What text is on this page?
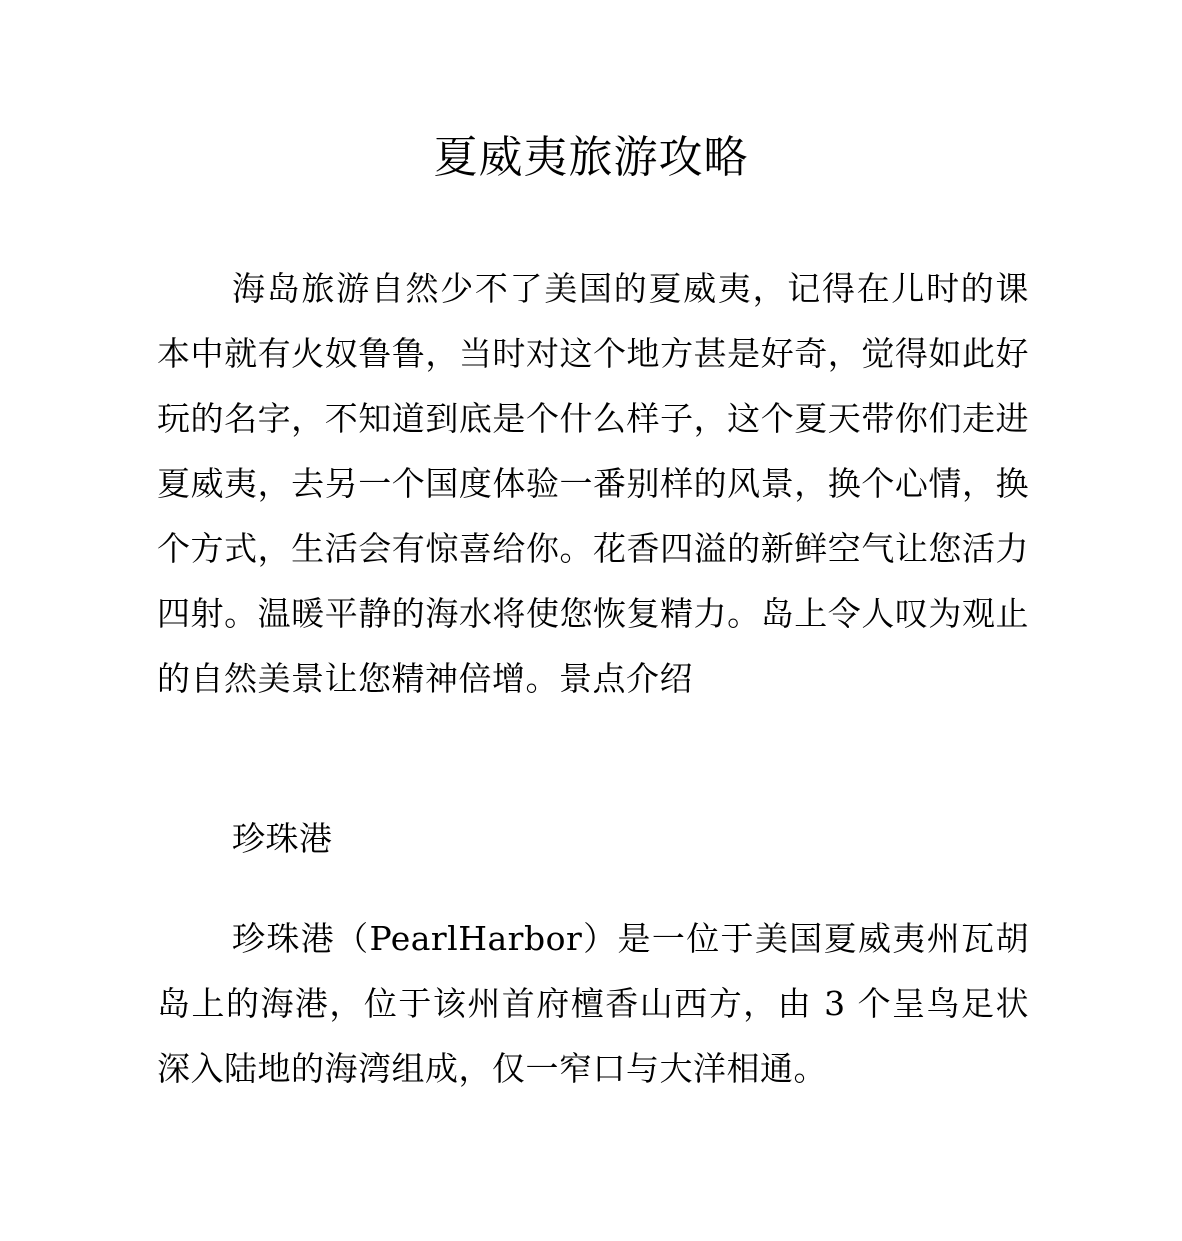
夏威夷旅游攻略

海岛旅游自然少不了美国的夏威夷，记得在儿时的课本中就有火奴鲁鲁，当时对这个地方甚是好奇，觉得如此好玩的名字，不知道到底是个什么样子，这个夏天带你们走进夏威夷，去另一个国度体验一番别样的风景，换个心情，换个方式，生活会有惊喜给你。花香四溢的新鲜空气让您活力四射。温暖平静的海水将使您恢复精力。岛上令人叹为观止的自然美景让您精神倍增。景点介绍

珍珠港

珍珠港（PearlHarbor）是一位于美国夏威夷州瓦胡岛上的海港，位于该州首府檀香山西方，由 3 个呈鸟足状深入陆地的海湾组成，仅一窄口与大洋相通。
